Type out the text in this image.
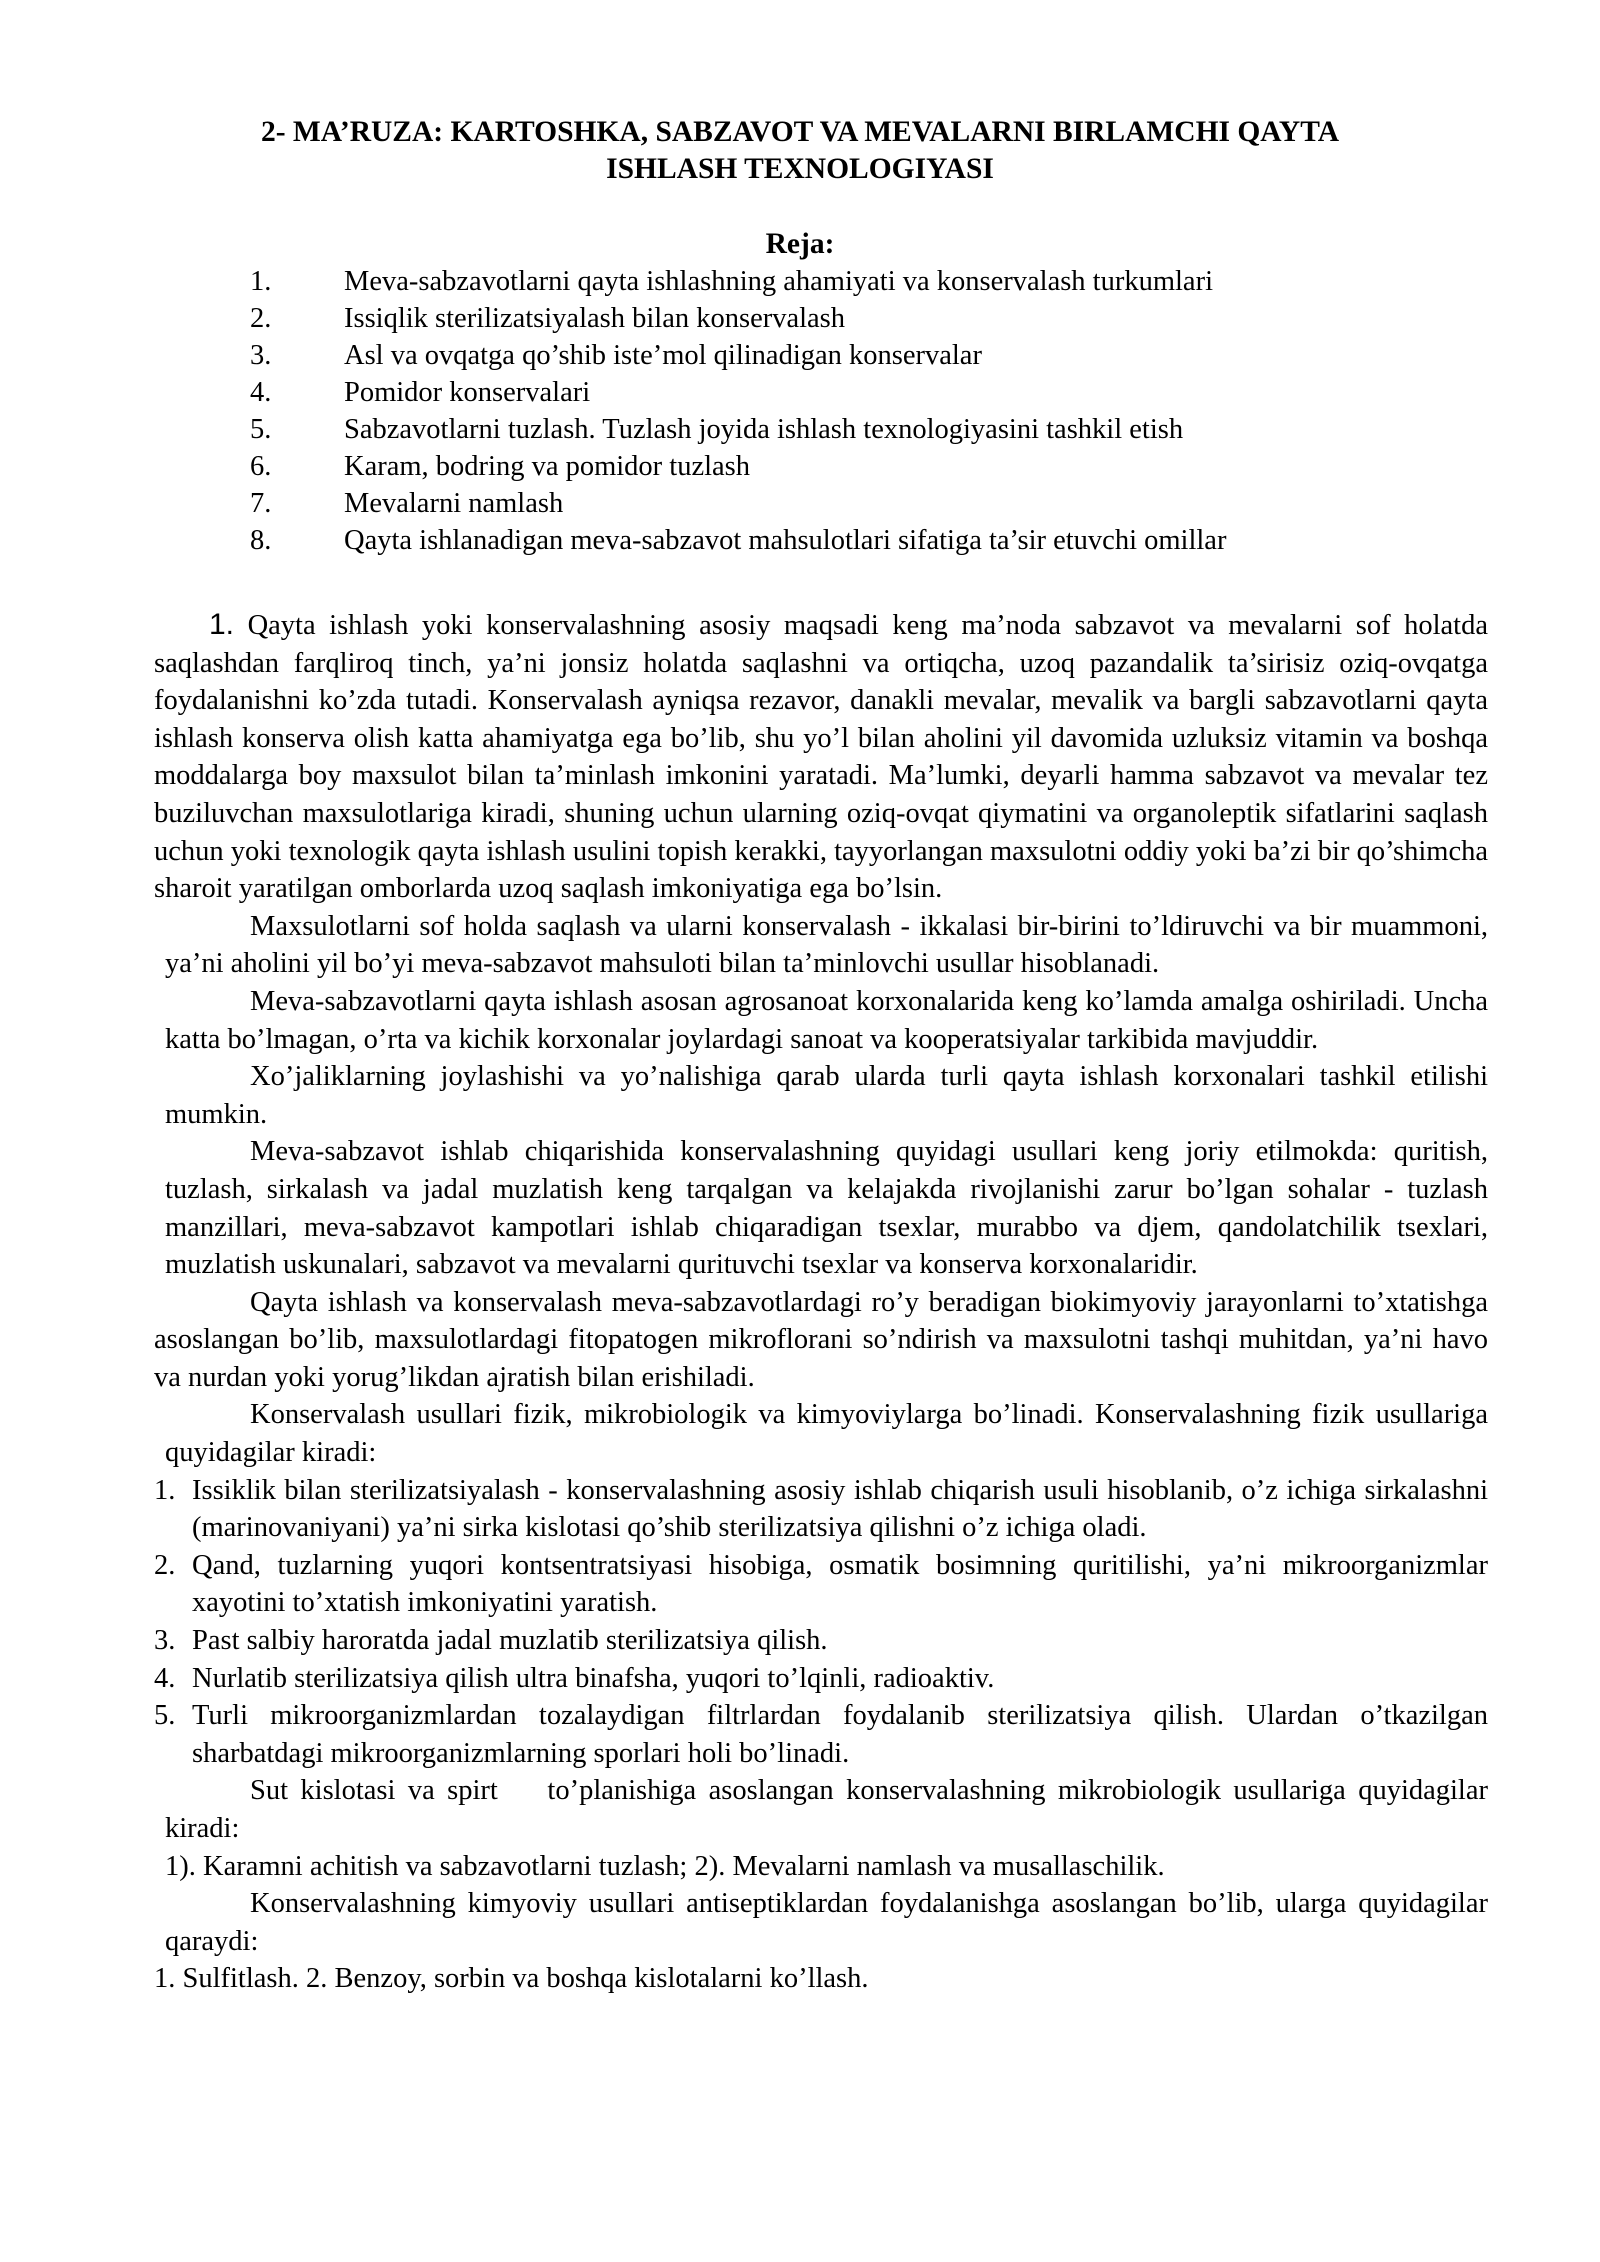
2- MA’RUZA: KARTOSHKA, SABZAVOT VA MEVALARNI BIRLAMCHI QAYTA
ISHLASH TEXNOLOGIYASI
Reja:
1.	Meva-sabzavotlarni qayta ishlashning ahamiyati va konservalash turkumlari
2.	Issiqlik sterilizatsiyalash bilan konservalash
3.	Asl va ovqatga qo’shib iste’mol qilinadigan konservalar
4.	Pomidor konservalari
5.	Sabzavotlarni tuzlash. Tuzlash joyida ishlash texnologiyasini tashkil etish
6.	Karam, bodring va pomidor tuzlash
7.	Mevalarni namlash
8.	Qayta ishlanadigan meva-sabzavot mahsulotlari sifatiga ta’sir etuvchi omillar

1. Qayta ishlash yoki konservalashning asosiy maqsadi keng ma’noda sabzavot va mevalarni sof holatda saqlashdan farqliroq tinch, ya’ni jonsiz holatda saqlashni va ortiqcha, uzoq pazandalik ta’sirisiz oziq-ovqatga foydalanishni ko’zda tutadi. Konservalash ayniqsa rezavor, danakli mevalar, mevalik va bargli sabzavotlarni qayta ishlash konserva olish katta ahamiyatga ega bo’lib, shu yo’l bilan aholini yil davomida uzluksiz vitamin va boshqa moddalarga boy maxsulot bilan ta’minlash imkonini yaratadi. Ma’lumki, deyarli hamma sabzavot va mevalar tez buziluvchan maxsulotlariga kiradi, shuning uchun ularning oziq-ovqat qiymatini va organoleptik sifatlarini saqlash uchun yoki texnologik qayta ishlash usulini topish kerakki, tayyorlangan maxsulotni oddiy yoki ba’zi bir qo’shimcha sharoit yaratilgan omborlarda uzoq saqlash imkoniyatiga ega bo’lsin.

Maxsulotlarni sof holda saqlash va ularni konservalash - ikkalasi bir-birini to’ldiruvchi va bir muammoni, ya’ni aholini yil bo’yi meva-sabzavot mahsuloti bilan ta’minlovchi usullar hisoblanadi.

Meva-sabzavotlarni qayta ishlash asosan agrosanoat korxonalarida keng ko’lamda amalga oshiriladi. Uncha katta bo’lmagan, o’rta va kichik korxonalar joylardagi sanoat va kooperatsiyalar tarkibida mavjuddir.

Xo’jaliklarning joylashishi va yo’nalishiga qarab ularda turli qayta ishlash korxonalari tashkil etilishi mumkin.

Meva-sabzavot ishlab chiqarishida konservalashning quyidagi usullari keng joriy etilmokda: quritish, tuzlash, sirkalash va jadal muzlatish keng tarqalgan va kelajakda rivojlanishi zarur bo’lgan sohalar - tuzlash manzillari, meva-sabzavot kampotlari ishlab chiqaradigan tsexlar, murabbo va djem, qandolatchilik tsexlari, muzlatish uskunalari, sabzavot va mevalarni qurituvchi tsexlar va konserva korxonalaridir.

Qayta ishlash va konservalash meva-sabzavotlardagi ro’y beradigan biokimyoviy jarayonlarni to’xtatishga asoslangan bo’lib, maxsulotlardagi fitopatogen mikroflorani so’ndirish va maxsulotni tashqi muhitdan, ya’ni havo va nurdan yoki yorug’likdan ajratish bilan erishiladi.

Konservalash usullari fizik, mikrobiologik va kimyoviylarga bo’linadi. Konservalashning fizik usullariga quyidagilar kiradi:

1. Issiklik bilan sterilizatsiyalash - konservalashning asosiy ishlab chiqarish usuli hisoblanib, o’z ichiga sirkalashni (marinovaniyani) ya’ni sirka kislotasi qo’shib sterilizatsiya qilishni o’z ichiga oladi.
2. Qand, tuzlarning yuqori kontsentratsiyasi hisobiga, osmatik bosimning quritilishi, ya’ni mikroorganizmlar xayotini to’xtatish imkoniyatini yaratish.
3. Past salbiy haroratda jadal muzlatib sterilizatsiya qilish.
4. Nurlatib sterilizatsiya qilish ultra binafsha, yuqori to’lqinli, radioaktiv.
5. Turli mikroorganizmlardan tozalaydigan filtrlardan foydalanib sterilizatsiya qilish. Ulardan o’tkazilgan sharbatdagi mikroorganizmlarning sporlari holi bo’linadi.

Sut kislotasi va spirt    to’planishiga asoslangan konservalashning mikrobiologik usullariga quyidagilar kiradi:

1). Karamni achitish va sabzavotlarni tuzlash; 2). Mevalarni namlash va musallaschilik.

Konservalashning kimyoviy usullari antiseptiklardan foydalanishga asoslangan bo’lib, ularga quyidagilar qaraydi:

1. Sulfitlash. 2. Benzoy, sorbin va boshqa kislotalarni ko’llash.
